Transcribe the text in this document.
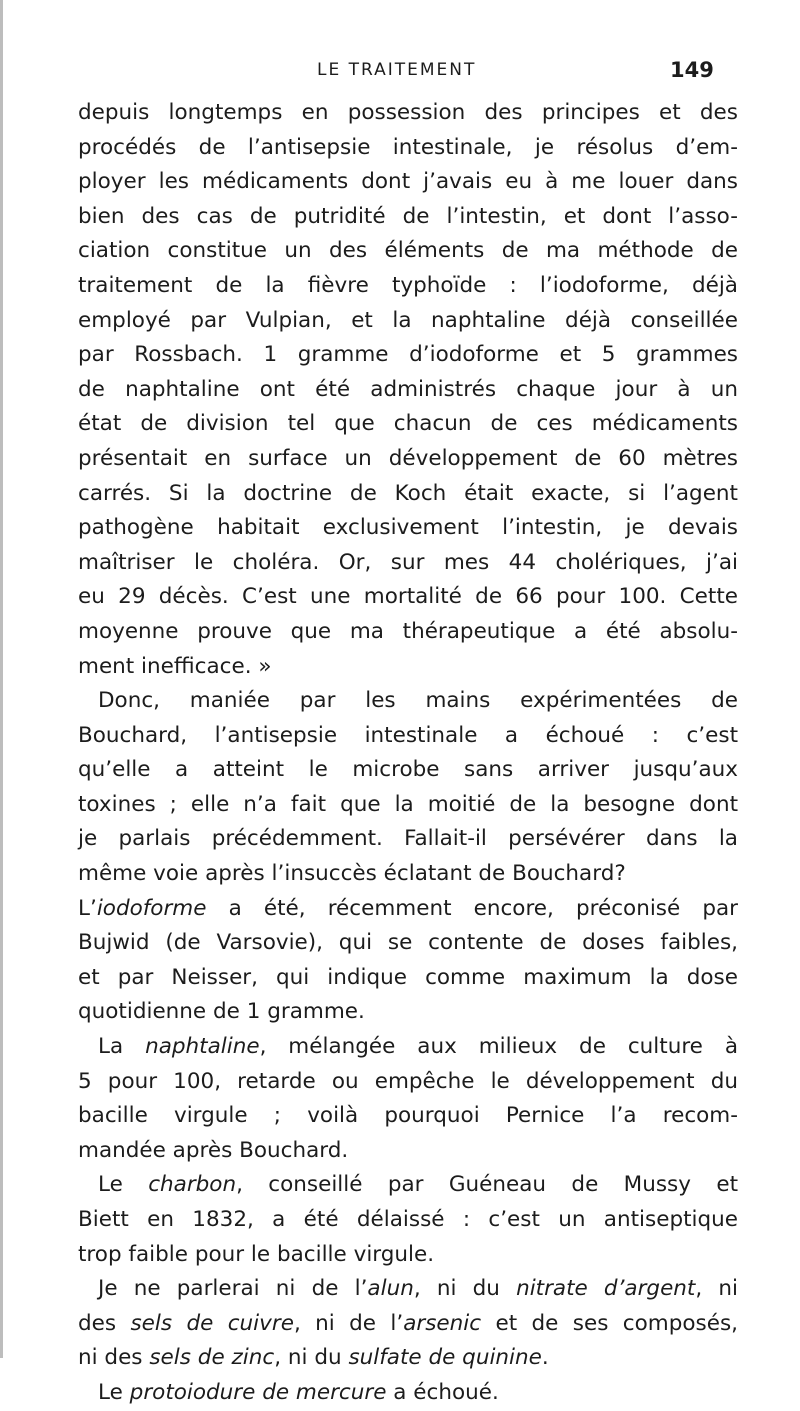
LE TRAITEMENT	149
depuis longtemps en possession des principes et des
procédés de l’antisepsie intestinale, je résolus d’em-
ployer les médicaments dont j’avais eu à me louer dans
bien des cas de putridité de l’intestin, et dont l’asso-
ciation constitue un des éléments de ma méthode de
traitement de la fièvre typhoïde : l’iodoforme, déjà
employé par Vulpian, et la naphtaline déjà conseillée
par Rossbach. 1 gramme d’iodoforme et 5 grammes
de naphtaline ont été administrés chaque jour à un
état de division tel que chacun de ces médicaments
présentait en surface un développement de 60 mètres
carrés. Si la doctrine de Koch était exacte, si l’agent
pathogène habitait exclusivement l’intestin, je devais
maîtriser le choléra. Or, sur mes 44 cholériques, j’ai
eu 29 décès. C’est une mortalité de 66 pour 100. Cette
moyenne prouve que ma thérapeutique a été absolu-
ment inefficace. »
Donc, maniée par les mains expérimentées de
Bouchard, l’antisepsie intestinale a échoué : c’est
qu’elle a atteint le microbe sans arriver jusqu’aux
toxines ; elle n’a fait que la moitié de la besogne dont
je parlais précédemment. Fallait-il persévérer dans la
même voie après l’insuccès éclatant de Bouchard?
L’iodoforme a été, récemment encore, préconisé par
Bujwid (de Varsovie), qui se contente de doses faibles,
et par Neisser, qui indique comme maximum la dose
quotidienne de 1 gramme.
La naphtaline, mélangée aux milieux de culture à
5 pour 100, retarde ou empêche le développement du
bacille virgule ; voilà pourquoi Pernice l’a recom-
mandée après Bouchard.
Le charbon, conseillé par Guéneau de Mussy et
Biett en 1832, a été délaissé : c’est un antiseptique
trop faible pour le bacille virgule.
Je ne parlerai ni de l’alun, ni du nitrate d’argent, ni
des sels de cuivre, ni de l’arsenic et de ses composés,
ni des sels de zinc, ni du sulfate de quinine.
Le protoiodure de mercure a échoué.
